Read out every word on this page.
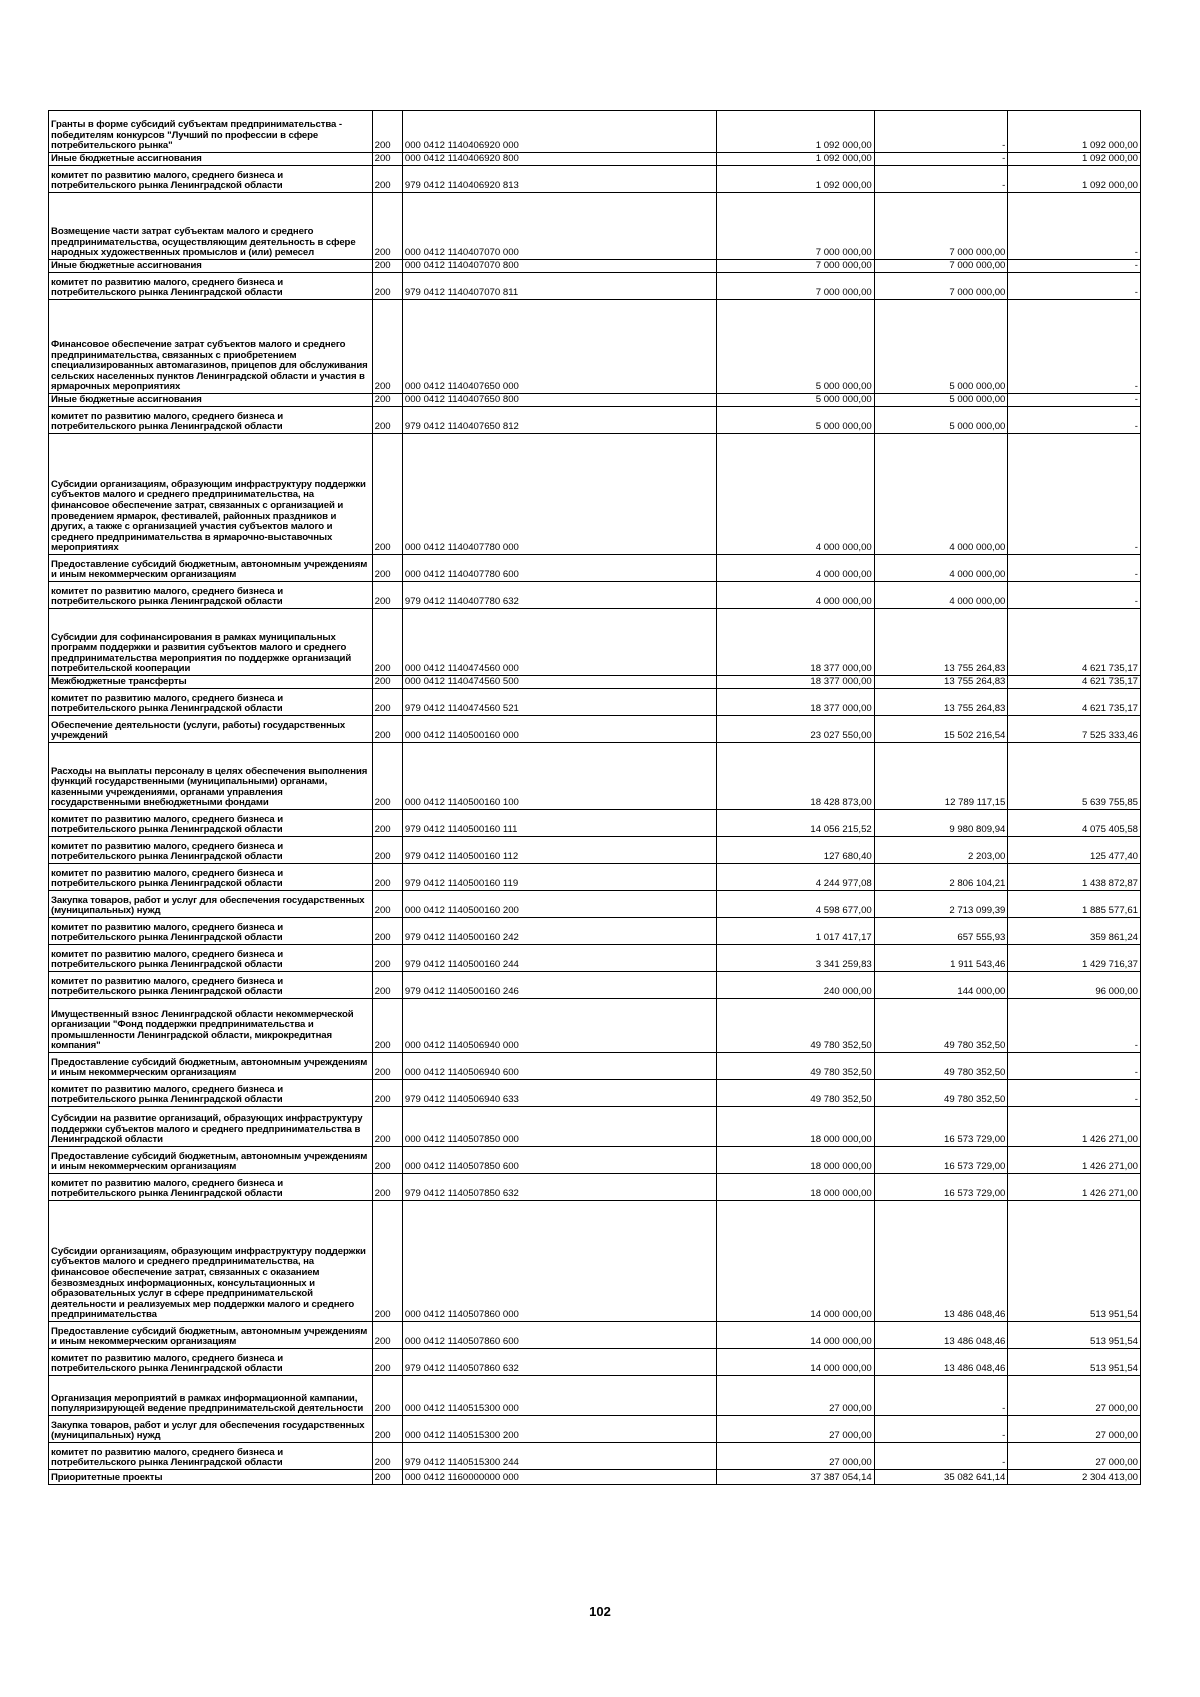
Гранты в форме субсидий субъектам предпринимательства - победителям конкурсов "Лучший по профессии в сфере потребительского рынка"	200	000 0412 1140406920 000	1 092 000,00	-	1 092 000,00
Иные бюджетные ассигнования	200	000 0412 1140406920 800	1 092 000,00	-	1 092 000,00
комитет по развитию малого, среднего бизнеса и потребительского рынка Ленинградской области	200	979 0412 1140406920 813	1 092 000,00	-	1 092 000,00
Возмещение части затрат субъектам малого и среднего предпринимательства, осуществляющим деятельность в сфере народных художественных промыслов и (или) ремесел	200	000 0412 1140407070 000	7 000 000,00	7 000 000,00	-
Иные бюджетные ассигнования	200	000 0412 1140407070 800	7 000 000,00	7 000 000,00	-
комитет по развитию малого, среднего бизнеса и потребительского рынка Ленинградской области	200	979 0412 1140407070 811	7 000 000,00	7 000 000,00	-
Финансовое обеспечение затрат субъектов малого и среднего предпринимательства, связанных с приобретением специализированных автомагазинов, прицепов для обслуживания сельских населенных пунктов Ленинградской области и участия в ярмарочных мероприятиях	200	000 0412 1140407650 000	5 000 000,00	5 000 000,00	-
Иные бюджетные ассигнования	200	000 0412 1140407650 800	5 000 000,00	5 000 000,00	-
комитет по развитию малого, среднего бизнеса и потребительского рынка Ленинградской области	200	979 0412 1140407650 812	5 000 000,00	5 000 000,00	-
Субсидии организациям, образующим инфраструктуру поддержки субъектов малого и среднего предпринимательства, на финансовое обеспечение затрат, связанных с организацией и проведением ярмарок, фестивалей, районных праздников и других, а также с организацией участия субъектов малого и среднего предпринимательства в ярмарочно-выставочных мероприятиях	200	000 0412 1140407780 000	4 000 000,00	4 000 000,00	-
Предоставление субсидий бюджетным, автономным учреждениям и иным некоммерческим организациям	200	000 0412 1140407780 600	4 000 000,00	4 000 000,00	-
комитет по развитию малого, среднего бизнеса и потребительского рынка Ленинградской области	200	979 0412 1140407780 632	4 000 000,00	4 000 000,00	-
Субсидии для софинансирования в рамках муниципальных программ поддержки и развития субъектов малого и среднего предпринимательства мероприятия по поддержке организаций потребительской кооперации	200	000 0412 1140474560 000	18 377 000,00	13 755 264,83	4 621 735,17
Межбюджетные трансферты	200	000 0412 1140474560 500	18 377 000,00	13 755 264,83	4 621 735,17
комитет по развитию малого, среднего бизнеса и потребительского рынка Ленинградской области	200	979 0412 1140474560 521	18 377 000,00	13 755 264,83	4 621 735,17
Обеспечение деятельности (услуги, работы) государственных учреждений	200	000 0412 1140500160 000	23 027 550,00	15 502 216,54	7 525 333,46
Расходы на выплаты персоналу в целях обеспечения выполнения функций государственными (муниципальными) органами, казенными учреждениями, органами управления государственными внебюджетными фондами	200	000 0412 1140500160 100	18 428 873,00	12 789 117,15	5 639 755,85
комитет по развитию малого, среднего бизнеса и потребительского рынка Ленинградской области	200	979 0412 1140500160 111	14 056 215,52	9 980 809,94	4 075 405,58
комитет по развитию малого, среднего бизнеса и потребительского рынка Ленинградской области	200	979 0412 1140500160 112	127 680,40	2 203,00	125 477,40
комитет по развитию малого, среднего бизнеса и потребительского рынка Ленинградской области	200	979 0412 1140500160 119	4 244 977,08	2 806 104,21	1 438 872,87
Закупка товаров, работ и услуг для обеспечения государственных (муниципальных) нужд	200	000 0412 1140500160 200	4 598 677,00	2 713 099,39	1 885 577,61
комитет по развитию малого, среднего бизнеса и потребительского рынка Ленинградской области	200	979 0412 1140500160 242	1 017 417,17	657 555,93	359 861,24
комитет по развитию малого, среднего бизнеса и потребительского рынка Ленинградской области	200	979 0412 1140500160 244	3 341 259,83	1 911 543,46	1 429 716,37
комитет по развитию малого, среднего бизнеса и потребительского рынка Ленинградской области	200	979 0412 1140500160 246	240 000,00	144 000,00	96 000,00
Имущественный взнос Ленинградской области некоммерческой организации "Фонд поддержки предпринимательства и промышленности Ленинградской области, микрокредитная компания"	200	000 0412 1140506940 000	49 780 352,50	49 780 352,50	-
Предоставление субсидий бюджетным, автономным учреждениям и иным некоммерческим организациям	200	000 0412 1140506940 600	49 780 352,50	49 780 352,50	-
комитет по развитию малого, среднего бизнеса и потребительского рынка Ленинградской области	200	979 0412 1140506940 633	49 780 352,50	49 780 352,50	-
Субсидии на развитие организаций, образующих инфраструктуру поддержки субъектов малого и среднего предпринимательства в Ленинградской области	200	000 0412 1140507850 000	18 000 000,00	16 573 729,00	1 426 271,00
Предоставление субсидий бюджетным, автономным учреждениям и иным некоммерческим организациям	200	000 0412 1140507850 600	18 000 000,00	16 573 729,00	1 426 271,00
комитет по развитию малого, среднего бизнеса и потребительского рынка Ленинградской области	200	979 0412 1140507850 632	18 000 000,00	16 573 729,00	1 426 271,00
Субсидии организациям, образующим инфраструктуру поддержки субъектов малого и среднего предпринимательства, на финансовое обеспечение затрат, связанных с оказанием безвозмездных информационных, консультационных и образовательных услуг в сфере предпринимательской деятельности и реализуемых мер поддержки малого и среднего предпринимательства	200	000 0412 1140507860 000	14 000 000,00	13 486 048,46	513 951,54
Предоставление субсидий бюджетным, автономным учреждениям и иным некоммерческим организациям	200	000 0412 1140507860 600	14 000 000,00	13 486 048,46	513 951,54
комитет по развитию малого, среднего бизнеса и потребительского рынка Ленинградской области	200	979 0412 1140507860 632	14 000 000,00	13 486 048,46	513 951,54
Организация мероприятий в рамках информационной кампании, популяризирующей ведение предпринимательской деятельности	200	000 0412 1140515300 000	27 000,00	-	27 000,00
Закупка товаров, работ и услуг для обеспечения государственных (муниципальных) нужд	200	000 0412 1140515300 200	27 000,00	-	27 000,00
комитет по развитию малого, среднего бизнеса и потребительского рынка Ленинградской области	200	979 0412 1140515300 244	27 000,00	-	27 000,00
Приоритетные проекты	200	000 0412 1160000000 000	37 387 054,14	35 082 641,14	2 304 413,00
102
